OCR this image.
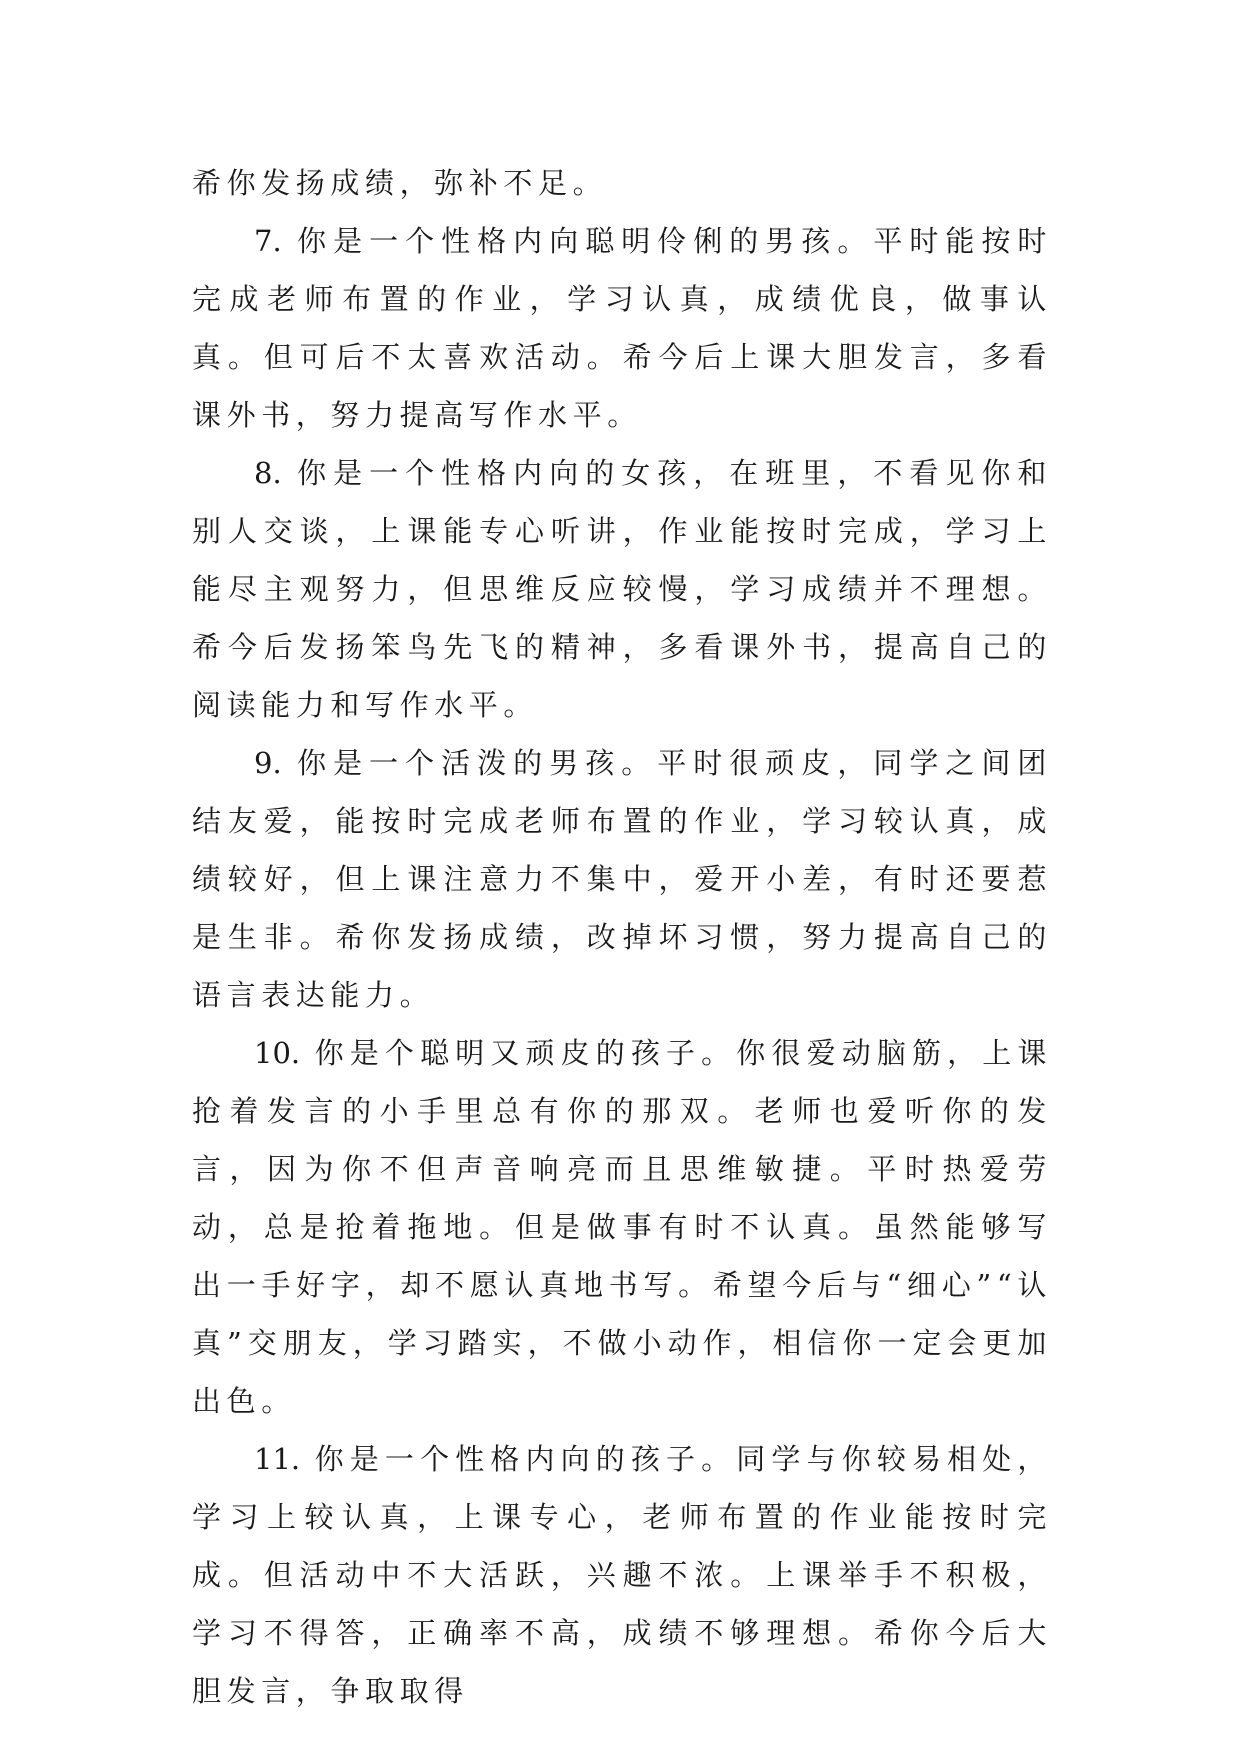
希你发扬成绩，弥补不足。

7. 你是一个性格内向聪明伶俐的男孩。平时能按时完成老师布置的作业，学习认真，成绩优良，做事认真。但可后不太喜欢活动。希今后上课大胆发言，多看课外书，努力提高写作水平。

8. 你是一个性格内向的女孩，在班里，不看见你和别人交谈，上课能专心听讲，作业能按时完成，学习上能尽主观努力，但思维反应较慢，学习成绩并不理想。希今后发扬笨鸟先飞的精神，多看课外书，提高自己的阅读能力和写作水平。

9. 你是一个活泼的男孩。平时很顽皮，同学之间团结友爱，能按时完成老师布置的作业，学习较认真，成绩较好，但上课注意力不集中，爱开小差，有时还要惹是生非。希你发扬成绩，改掉坏习惯，努力提高自己的语言表达能力。

10. 你是个聪明又顽皮的孩子。你很爱动脑筋，上课抢着发言的小手里总有你的那双。老师也爱听你的发言，因为你不但声音响亮而且思维敏捷。平时热爱劳动，总是抢着拖地。但是做事有时不认真。虽然能够写出一手好字，却不愿认真地书写。希望今后与“细心”“认真”交朋友，学习踏实，不做小动作，相信你一定会更加出色。

11. 你是一个性格内向的孩子。同学与你较易相处，学习上较认真，上课专心，老师布置的作业能按时完成。但活动中不大活跃，兴趣不浓。上课举手不积极，学习不得答，正确率不高，成绩不够理想。希你今后大胆发言，争取取得
